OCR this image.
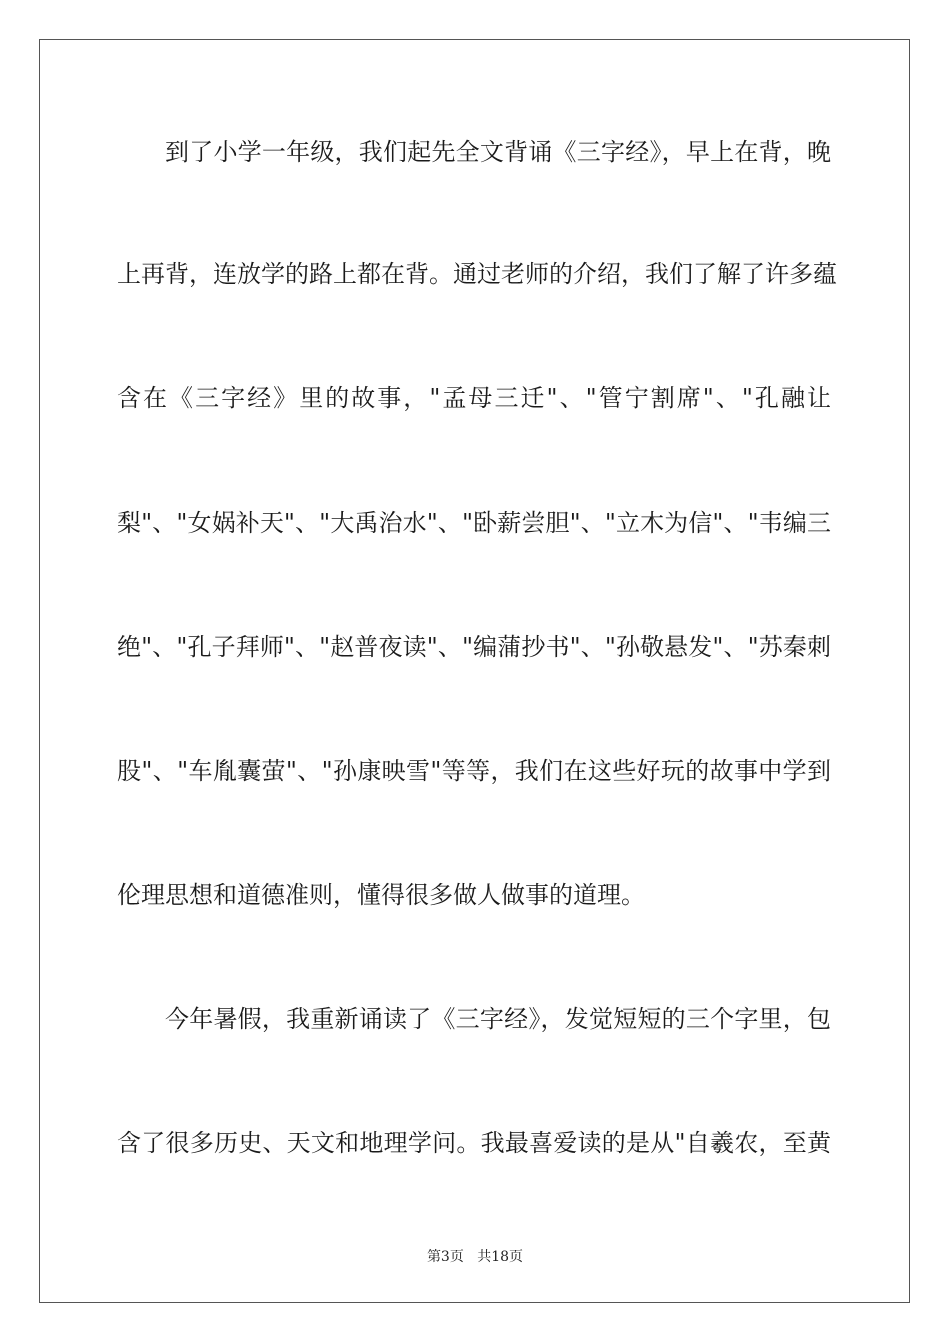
到了小学一年级，我们起先全文背诵《三字经》，早上在背，晚
上再背，连放学的路上都在背。通过老师的介绍，我们了解了许多蕴
含在《三字经》里的故事，"孟母三迁"、"管宁割席"、"孔融让
梨"、"女娲补天"、"大禹治水"、"卧薪尝胆"、"立木为信"、"韦编三
绝"、"孔子拜师"、"赵普夜读"、"编蒲抄书"、"孙敬悬发"、"苏秦刺
股"、"车胤囊萤"、"孙康映雪"等等，我们在这些好玩的故事中学到
伦理思想和道德准则，懂得很多做人做事的道理。
今年暑假，我重新诵读了《三字经》，发觉短短的三个字里，包
含了很多历史、天文和地理学问。我最喜爱读的是从"自羲农，至黄
第3页 共18页
